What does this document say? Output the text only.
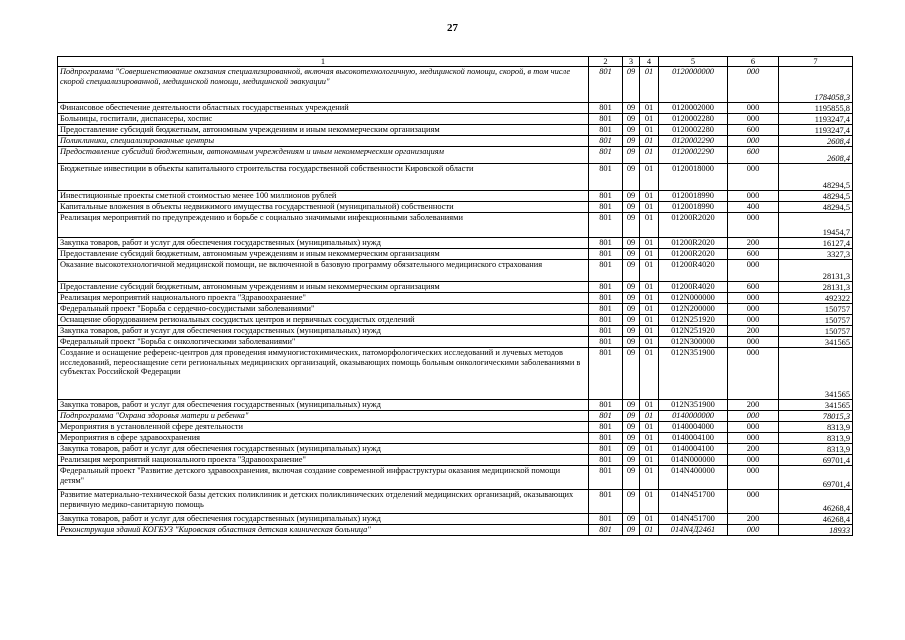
27
1	2	3	4	5	6	7
Подпрограмма "Совершенствование оказания специализированной, включая высокотехнологичную, медицинской помощи, скорой, в том числе скорой специализированной, медицинской помощи, медицинской эвакуации"	801	09	01	0120000000	000	1784058,3
Финансовое обеспечение деятельности областных государственных учреждений	801	09	01	0120002000	000	1195855,8
Больницы, госпитали, диспансеры, хоспис	801	09	01	0120002280	000	1193247,4
Предоставление субсидий бюджетным, автономным учреждениям и иным некоммерческим организациям	801	09	01	0120002280	600	1193247,4
Поликлиники, специализированные центры	801	09	01	0120002290	000	2608,4
Предоставление субсидий бюджетным, автономным учреждениям и иным некоммерческим организациям	801	09	01	0120002290	600	2608,4
Бюджетные инвестиции в объекты капитального строительства государственной собственности Кировской области	801	09	01	0120018000	000	48294,5
Инвестиционные проекты сметной стоимостью менее 100 миллионов рублей	801	09	01	0120018990	000	48294,5
Капитальные вложения в объекты недвижимого имущества государственной (муниципальной) собственности	801	09	01	0120018990	400	48294,5
Реализация мероприятий по предупреждению и борьбе с социально значимыми инфекционными заболеваниями	801	09	01	01200R2020	000	19454,7
Закупка товаров, работ и услуг для обеспечения государственных (муниципальных) нужд	801	09	01	01200R2020	200	16127,4
Предоставление субсидий бюджетным, автономным учреждениям и иным некоммерческим организациям	801	09	01	01200R2020	600	3327,3
Оказание высокотехнологичной медицинской помощи, не включенной в базовую программу обязательного медицинского страхования	801	09	01	01200R4020	000	28131,3
Предоставление субсидий бюджетным, автономным учреждениям и иным некоммерческим организациям	801	09	01	01200R4020	600	28131,3
Реализация мероприятий национального проекта "Здравоохранение"	801	09	01	012N000000	000	492322
Федеральный проект "Борьба с сердечно-сосудистыми заболеваниями"	801	09	01	012N200000	000	150757
Оснащение оборудованием региональных сосудистых центров и первичных сосудистых отделений	801	09	01	012N251920	000	150757
Закупка товаров, работ и услуг для обеспечения государственных (муниципальных) нужд	801	09	01	012N251920	200	150757
Федеральный проект "Борьба с онкологическими заболеваниями"	801	09	01	012N300000	000	341565
Создание и оснащение референс-центров для проведения иммуногистохимических, патоморфологических исследований и лучевых методов исследований, переоснащение сети региональных медицинских организаций, оказывающих помощь больным онкологическими заболеваниями в субъектах Российской Федерации	801	09	01	012N351900	000	341565
Закупка товаров, работ и услуг для обеспечения государственных (муниципальных) нужд	801	09	01	012N351900	200	341565
Подпрограмма "Охрана здоровья матери и ребенка"	801	09	01	0140000000	000	78015,3
Мероприятия в установленной сфере деятельности	801	09	01	0140004000	000	8313,9
Мероприятия в сфере здравоохранения	801	09	01	0140004100	000	8313,9
Закупка товаров, работ и услуг для обеспечения государственных (муниципальных) нужд	801	09	01	0140004100	200	8313,9
Реализация мероприятий национального проекта "Здравоохранение"	801	09	01	014N000000	000	69701,4
Федеральный проект "Развитие детского здравоохранения, включая создание современной инфраструктуры оказания медицинской помощи детям"	801	09	01	014N400000	000	69701,4
Развитие материально-технической базы детских поликлиник и детских поликлинических отделений медицинских организаций, оказывающих первичную медико-санитарную помощь	801	09	01	014N451700	000	46268,4
Закупка товаров, работ и услуг для обеспечения государственных (муниципальных) нужд	801	09	01	014N451700	200	46268,4
Реконструкция зданий КОГБУЗ "Кировская областная детская клиническая больница"	801	09	01	014N4Д2461	000	18933
